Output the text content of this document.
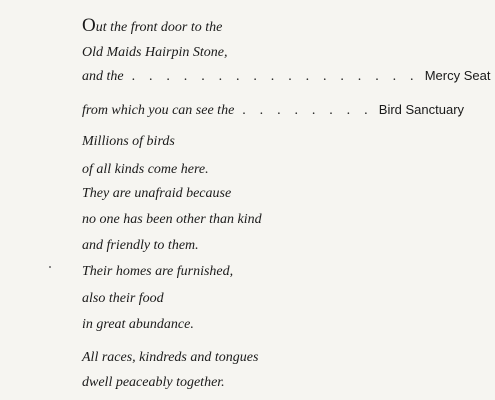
Out the front door to the
Old Maids Hairpin Stone,
and the . . . . . . . . . . . . . . . . . Mercy Seat
from which you can see the . . . . . . . . Bird Sanctuary
Millions of birds
of all kinds come here.
They are unafraid because
no one has been other than kind
and friendly to them.
Their homes are furnished,
also their food
in great abundance.
All races, kindreds and tongues
dwell peaceably together.
